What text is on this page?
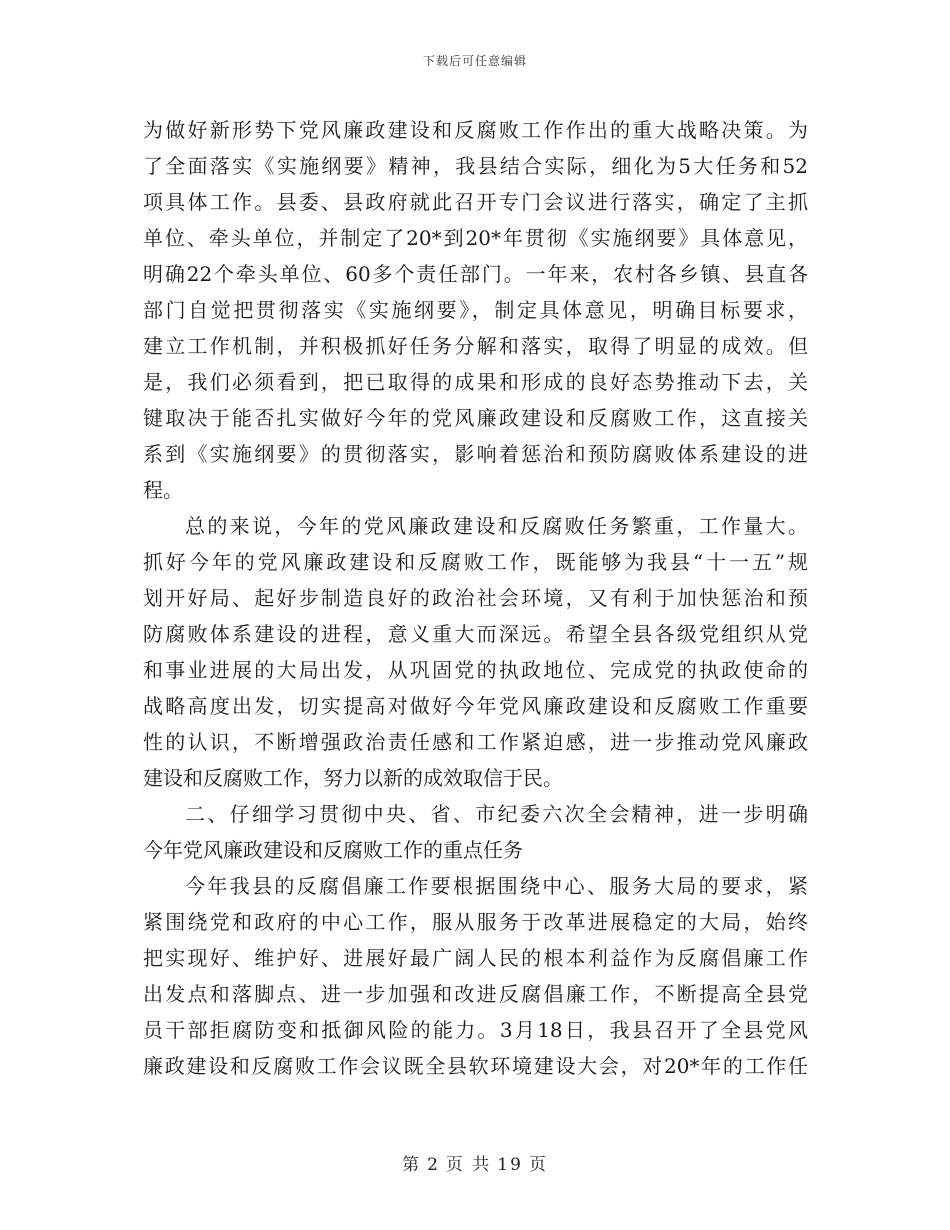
下载后可任意编辑
为做好新形势下党风廉政建设和反腐败工作作出的重大战略决策。为
了全面落实《实施纲要》精神，我县结合实际，细化为5大任务和52
项具体工作。县委、县政府就此召开专门会议进行落实，确定了主抓
单位、牵头单位，并制定了20*到20*年贯彻《实施纲要》具体意见，
明确22个牵头单位、60多个责任部门。一年来，农村各乡镇、县直各
部门自觉把贯彻落实《实施纲要》，制定具体意见，明确目标要求，
建立工作机制，并积极抓好任务分解和落实，取得了明显的成效。但
是，我们必须看到，把已取得的成果和形成的良好态势推动下去，关
键取决于能否扎实做好今年的党风廉政建设和反腐败工作，这直接关
系到《实施纲要》的贯彻落实，影响着惩治和预防腐败体系建设的进
程。
总的来说，今年的党风廉政建设和反腐败任务繁重，工作量大。
抓好今年的党风廉政建设和反腐败工作，既能够为我县“十一五”规
划开好局、起好步制造良好的政治社会环境，又有利于加快惩治和预
防腐败体系建设的进程，意义重大而深远。希望全县各级党组织从党
和事业进展的大局出发，从巩固党的执政地位、完成党的执政使命的
战略高度出发，切实提高对做好今年党风廉政建设和反腐败工作重要
性的认识，不断增强政治责任感和工作紧迫感，进一步推动党风廉政
建设和反腐败工作，努力以新的成效取信于民。
二、仔细学习贯彻中央、省、市纪委六次全会精神，进一步明确
今年党风廉政建设和反腐败工作的重点任务
今年我县的反腐倡廉工作要根据围绕中心、服务大局的要求，紧
紧围绕党和政府的中心工作，服从服务于改革进展稳定的大局，始终
把实现好、维护好、进展好最广阔人民的根本利益作为反腐倡廉工作
出发点和落脚点、进一步加强和改进反腐倡廉工作，不断提高全县党
员干部拒腐防变和抵御风险的能力。3月18日，我县召开了全县党风
廉政建设和反腐败工作会议既全县软环境建设大会，对20*年的工作任
第 2 页 共 19 页
